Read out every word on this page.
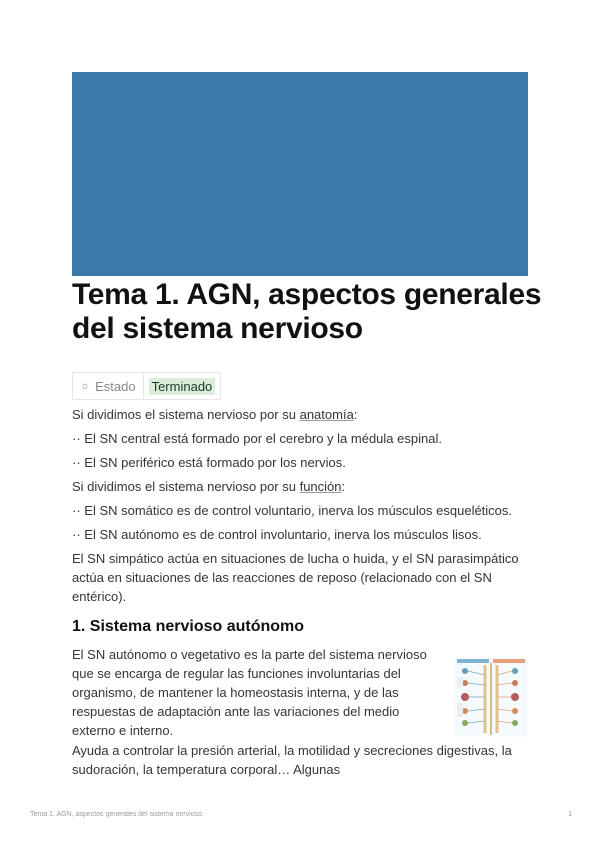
Tema 1. AGN, aspectos generales del sistema nervioso
☼ Estado Terminado

Si dividimos el sistema nervioso por su anatomía:

·· El SN central está formado por el cerebro y la médula espinal.

·· El SN periférico está formado por los nervios.

Si dividimos el sistema nervioso por su función:

·· El SN somático es de control voluntario, inerva los músculos esqueléticos.

·· El SN autónomo es de control involuntario, inerva los músculos lisos.

El SN simpático actúa en situaciones de lucha o huida, y el SN parasimpático actúa en situaciones de las reacciones de reposo (relacionado con el SN entérico).

1. Sistema nervioso autónomo

El SN autónomo o vegetativo es la parte del sistema nervioso que se encarga de regular las funciones involuntarias del organismo, de mantener la homeostasis interna, y de las respuestas de adaptación ante las variaciones del medio externo e interno.

Ayuda a controlar la presión arterial, la motilidad y secreciones digestivas, la sudoración, la temperatura corporal… Algunas

Tema 1. AGN, aspectos generales del sistema nervioso	1
